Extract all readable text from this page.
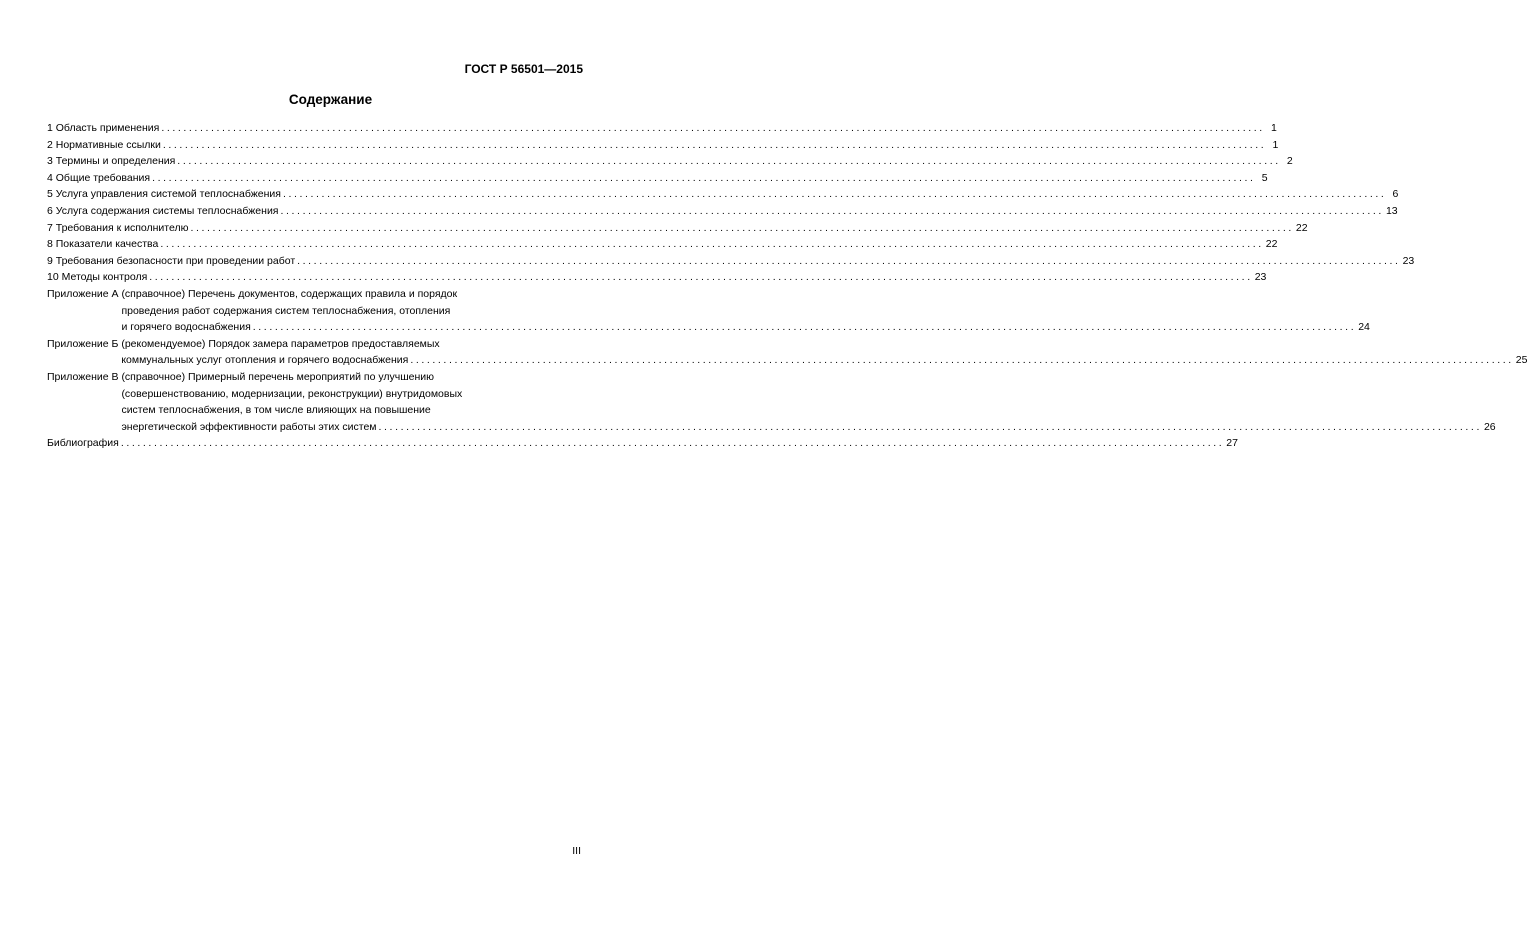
ГОСТ Р 56501—2015
Содержание
1 Область применения ........................................................................................................................................................................................................ 1
2 Нормативные ссылки ........................................................................................................................................................................................................ 1
3 Термины и определения ........................................................................................................................................................................................................ 2
4 Общие требования ........................................................................................................................................................................................................ 5
5 Услуга управления системой теплоснабжения ........................................................................................................................................................................................................ 6
6 Услуга содержания системы теплоснабжения ........................................................................................................................................................................................................ 13
7 Требования к исполнителю ........................................................................................................................................................................................................ 22
8 Показатели качества ........................................................................................................................................................................................................ 22
9 Требования безопасности при проведении работ ........................................................................................................................................................................................................ 23
10 Методы контроля ........................................................................................................................................................................................................ 23
Приложение А
(справочное) Перечень документов, содержащих правила и порядок
проведения работ содержания систем теплоснабжения, отопления
и горячего водоснабжения ........................................................................................................................................................................................................ 24
Приложение Б
(рекомендуемое) Порядок замера параметров предоставляемых
коммунальных услуг отопления и горячего водоснабжения ........................................................................................................................................................................................................ 25
Приложение В
(справочное) Примерный перечень мероприятий по улучшению
(совершенствованию, модернизации, реконструкции) внутридомовых
систем теплоснабжения, в том числе влияющих на повышение
энергетической эффективности работы этих систем ........................................................................................................................................................................................................ 26
Библиография ........................................................................................................................................................................................................ 27
III
